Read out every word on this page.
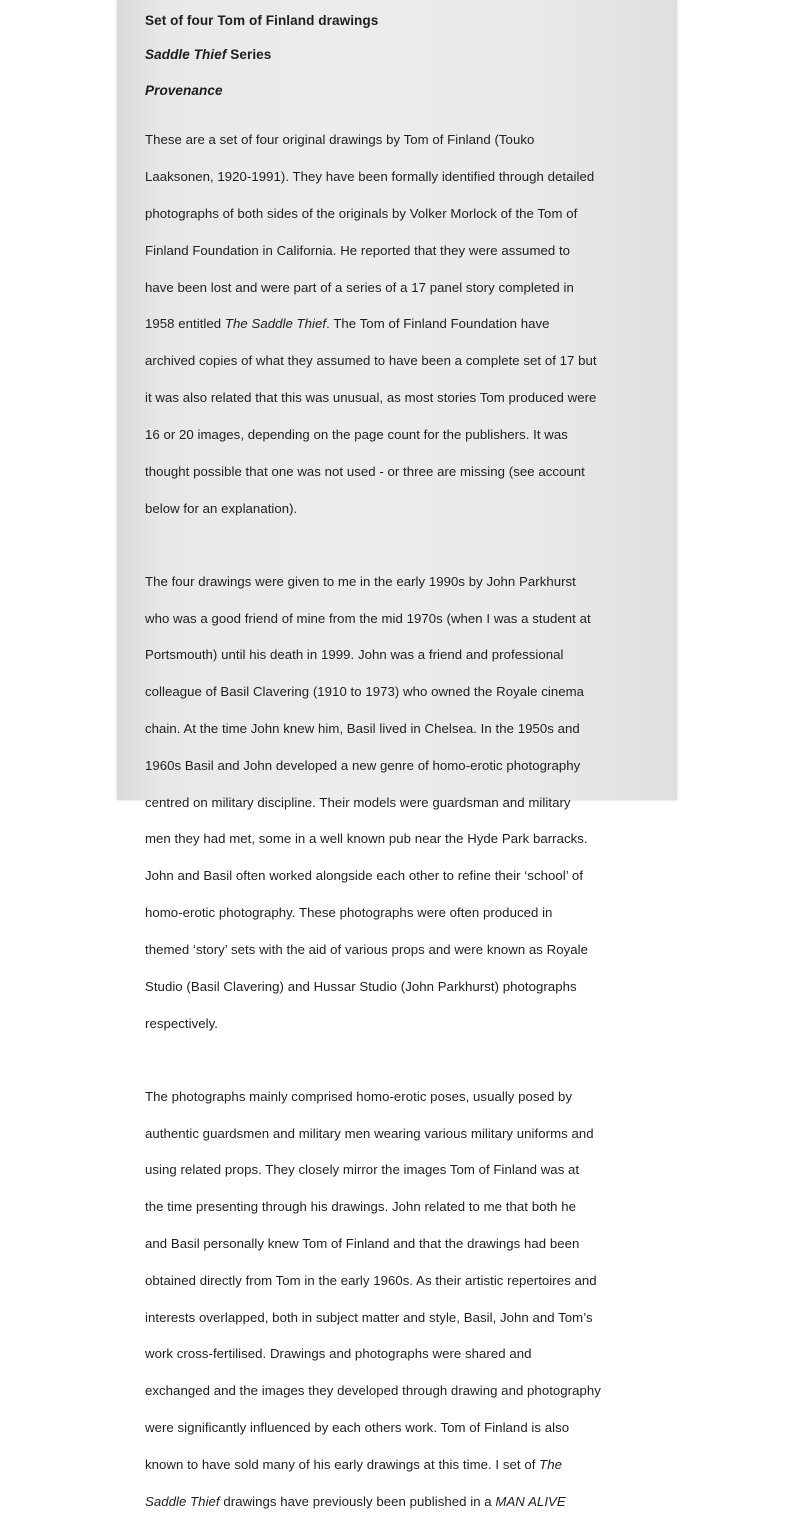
Set of four Tom of Finland drawings

Saddle Thief Series

Provenance

These are a set of four original drawings by Tom of Finland (Touko

Laaksonen, 1920-1991). They have been formally identified through detailed

photographs of both sides of the originals by Volker Morlock of the Tom of

Finland Foundation in California. He reported that they were assumed to

have been lost and were part of a series of a 17 panel story completed in

1958 entitled The Saddle Thief. The Tom of Finland Foundation have

archived copies of what they assumed to have been a complete set of 17 but

it was also related that this was unusual, as most stories Tom produced were

16 or 20 images, depending on the page count for the publishers. It was

thought possible that one was not used - or three are missing (see account

below for an explanation).

The four drawings were given to me in the early 1990s by John Parkhurst

who was a good friend of mine from the mid 1970s (when I was a student at

Portsmouth) until his death in 1999. John was a friend and professional

colleague of Basil Clavering (1910 to 1973) who owned the Royale cinema

chain. At the time John knew him, Basil lived in Chelsea. In the 1950s and

1960s Basil and John developed a new genre of homo-erotic photography

centred on military discipline. Their models were guardsman and military

men they had met, some in a well known pub near the Hyde Park barracks.

John and Basil often worked alongside each other to refine their ‘school’ of

homo-erotic photography. These photographs were often produced in

themed ‘story’ sets with the aid of various props and were known as Royale

Studio (Basil Clavering) and Hussar Studio (John Parkhurst) photographs

respectively.

The photographs mainly comprised homo-erotic poses, usually posed by

authentic guardsmen and military men wearing various military uniforms and

using related props. They closely mirror the images Tom of Finland was at

the time presenting through his drawings. John related to me that both he

and Basil personally knew Tom of Finland and that the drawings had been

obtained directly from Tom in the early 1960s. As their artistic repertoires and

interests overlapped, both in subject matter and style, Basil, John and Tom’s

work cross-fertilised. Drawings and photographs were shared and

exchanged and the images they developed through drawing and photography

were significantly influenced by each others work. Tom of Finland is also

known to have sold many of his early drawings at this time. I set of The

Saddle Thief drawings have previously been published in a MAN ALIVE
